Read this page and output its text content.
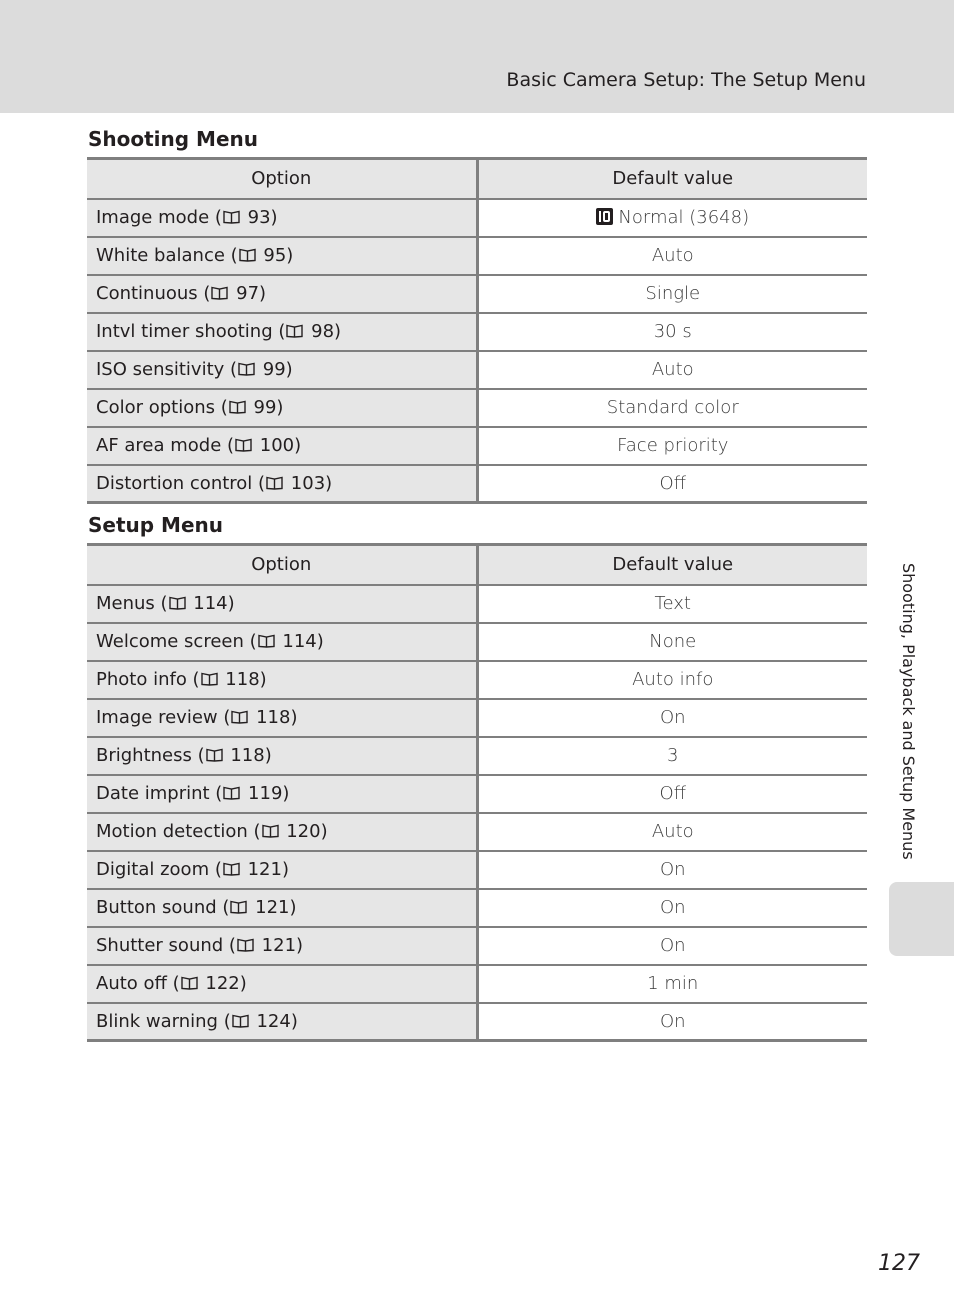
Basic Camera Setup: The Setup Menu
Shooting Menu
Option	Default value
Image mode ( 93)	Normal (3648)
White balance ( 95)	Auto
Continuous ( 97)	Single
Intvl timer shooting ( 98)	30 s
ISO sensitivity ( 99)	Auto
Color options ( 99)	Standard color
AF area mode ( 100)	Face priority
Distortion control ( 103)	Off
Setup Menu
Option	Default value
Menus ( 114)	Text
Welcome screen ( 114)	None
Photo info ( 118)	Auto info
Image review ( 118)	On
Brightness ( 118)	3
Date imprint ( 119)	Off
Motion detection ( 120)	Auto
Digital zoom ( 121)	On
Button sound ( 121)	On
Shutter sound ( 121)	On
Auto off ( 122)	1 min
Blink warning ( 124)	On
Shooting, Playback and Setup Menus
127
